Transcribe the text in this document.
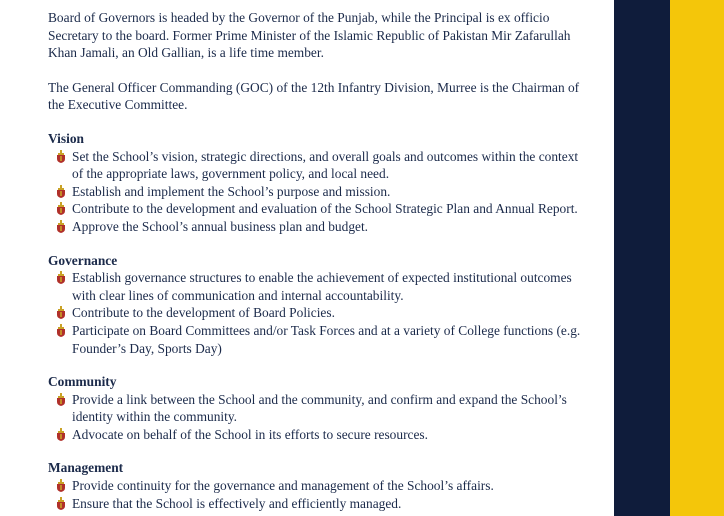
Board of Governors is headed by the Governor of the Punjab, while the Principal is ex officio Secretary to the board. Former Prime Minister of the Islamic Republic of Pakistan Mir Zafarullah Khan Jamali, an Old Gallian, is a life time member.

The General Officer Commanding (GOC) of the 12th Infantry Division, Murree is the Chairman of the Executive Committee.

Vision
Set the School’s vision, strategic directions, and overall goals and outcomes within the context of the appropriate laws, government policy, and local need.
Establish and implement the School’s purpose and mission.
Contribute to the development and evaluation of the School Strategic Plan and Annual Report.
Approve the School’s annual business plan and budget.
Governance
Establish governance structures to enable the achievement of expected institutional outcomes with clear lines of communication and internal accountability.
Contribute to the development of Board Policies.
Participate on Board Committees and/or Task Forces and at a variety of College functions (e.g. Founder’s Day, Sports Day)
Community
Provide a link between the School and the community, and confirm and expand the School’s identity within the community.
Advocate on behalf of the School in its efforts to secure resources.
Management
Provide continuity for the governance and management of the School’s affairs.
Ensure that the School is effectively and efficiently managed.
